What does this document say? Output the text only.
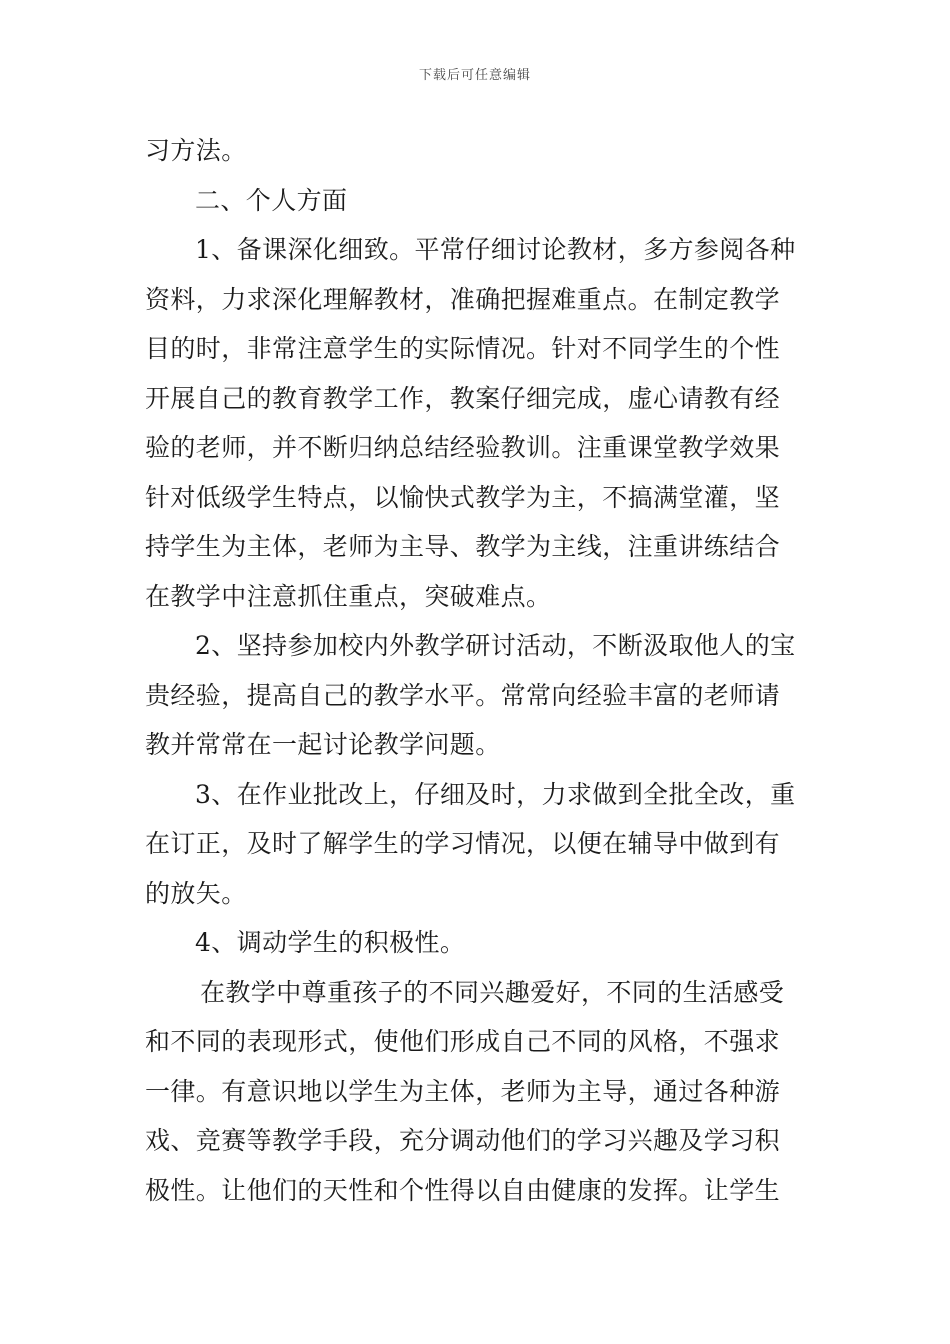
下载后可任意编辑
习方法。
二、个人方面
1、备课深化细致。平常仔细讨论教材，多方参阅各种
资料，力求深化理解教材，准确把握难重点。在制定教学
目的时，非常注意学生的实际情况。针对不同学生的个性
开展自己的教育教学工作，教案仔细完成，虚心请教有经
验的老师，并不断归纳总结经验教训。注重课堂教学效果
针对低级学生特点，以愉快式教学为主，不搞满堂灌，坚
持学生为主体，老师为主导、教学为主线，注重讲练结合
在教学中注意抓住重点，突破难点。
2、坚持参加校内外教学研讨活动，不断汲取他人的宝
贵经验，提高自己的教学水平。常常向经验丰富的老师请
教并常常在一起讨论教学问题。
3、在作业批改上，仔细及时，力求做到全批全改，重
在订正，及时了解学生的学习情况，以便在辅导中做到有
的放矢。
4、调动学生的积极性。
在教学中尊重孩子的不同兴趣爱好，不同的生活感受
和不同的表现形式，使他们形成自己不同的风格，不强求
一律。有意识地以学生为主体，老师为主导，通过各种游
戏、竞赛等教学手段，充分调动他们的学习兴趣及学习积
极性。让他们的天性和个性得以自由健康的发挥。让学生
